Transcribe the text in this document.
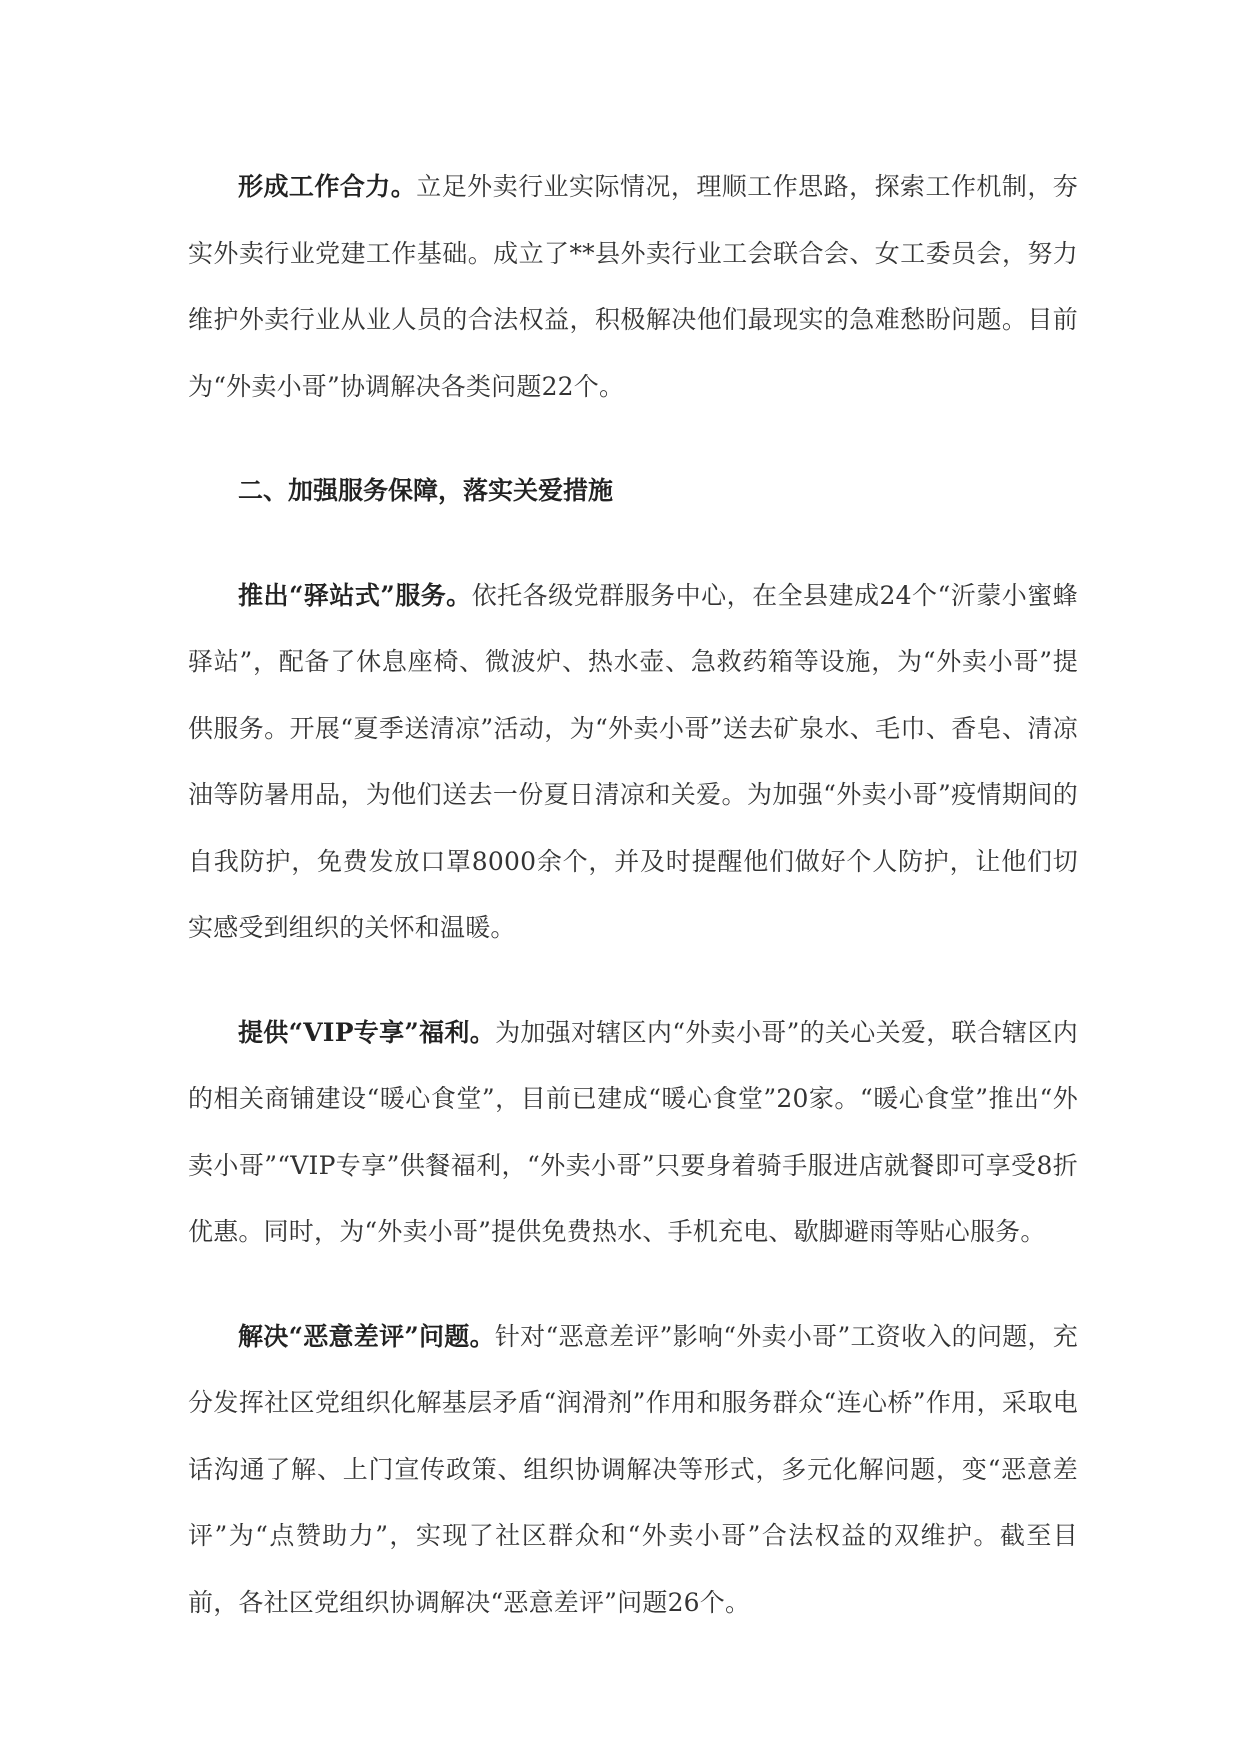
形成工作合力。立足外卖行业实际情况，理顺工作思路，探索工作机制，夯实外卖行业党建工作基础。成立了**县外卖行业工会联合会、女工委员会，努力维护外卖行业从业人员的合法权益，积极解决他们最现实的急难愁盼问题。目前为“外卖小哥”协调解决各类问题22个。

二、加强服务保障，落实关爱措施

推出“驿站式”服务。依托各级党群服务中心，在全县建成24个“沂蒙小蜜蜂驿站”，配备了休息座椅、微波炉、热水壶、急救药箱等设施，为“外卖小哥”提供服务。开展“夏季送清凉”活动，为“外卖小哥”送去矿泉水、毛巾、香皂、清凉油等防暑用品，为他们送去一份夏日清凉和关爱。为加强“外卖小哥”疫情期间的自我防护，免费发放口罩8000余个，并及时提醒他们做好个人防护，让他们切实感受到组织的关怀和温暖。

提供“VIP专享”福利。为加强对辖区内“外卖小哥”的关心关爱，联合辖区内的相关商铺建设“暖心食堂”，目前已建成“暖心食堂”20家。“暖心食堂”推出“外卖小哥”“VIP专享”供餐福利，“外卖小哥”只要身着骑手服进店就餐即可享受8折优惠。同时，为“外卖小哥”提供免费热水、手机充电、歇脚避雨等贴心服务。

解决“恶意差评”问题。针对“恶意差评”影响“外卖小哥”工资收入的问题，充分发挥社区党组织化解基层矛盾“润滑剂”作用和服务群众“连心桥”作用，采取电话沟通了解、上门宣传政策、组织协调解决等形式，多元化解问题，变“恶意差评”为“点赞助力”，实现了社区群众和“外卖小哥”合法权益的双维护。截至目前，各社区党组织协调解决“恶意差评”问题26个。
